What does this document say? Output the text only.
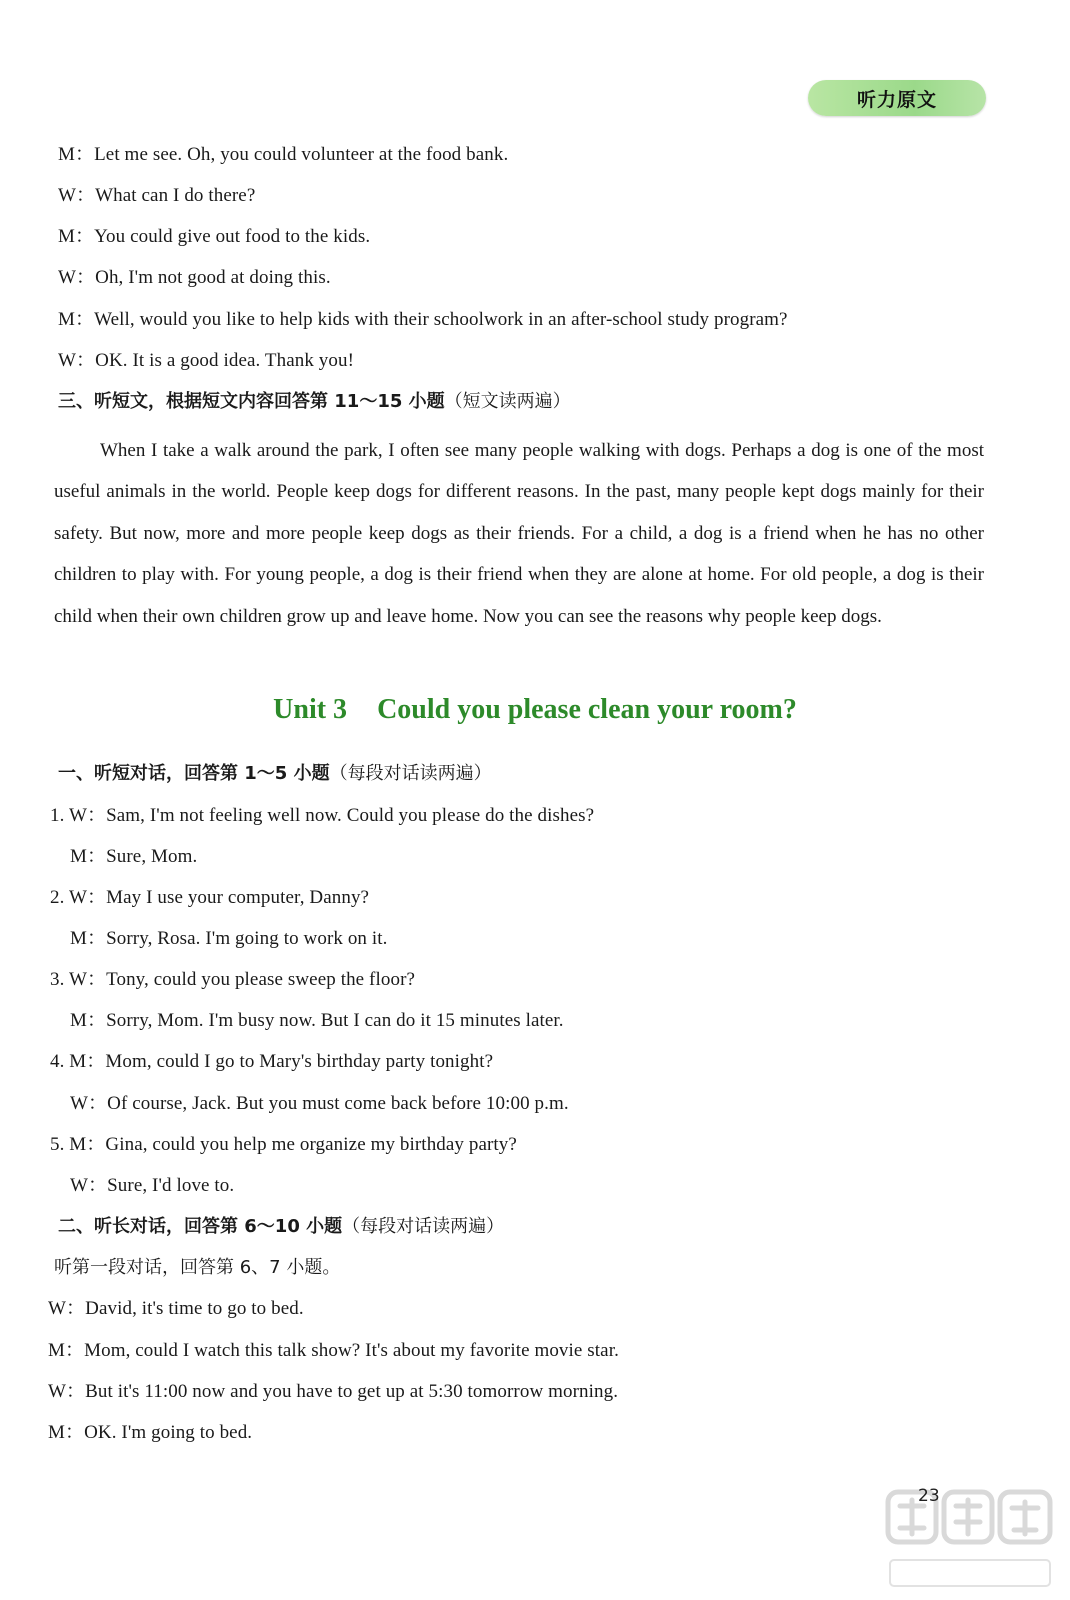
听力原文
M：Let me see. Oh, you could volunteer at the food bank.
W：What can I do there?
M：You could give out food to the kids.
W：Oh, I'm not good at doing this.
M：Well, would you like to help kids with their schoolwork in an after-school study program?
W：OK. It is a good idea. Thank you!
三、听短文，根据短文内容回答第 11～15 小题（短文读两遍）
When I take a walk around the park, I often see many people walking with dogs. Perhaps a dog is one of the most useful animals in the world. People keep dogs for different reasons. In the past, many people kept dogs mainly for their safety. But now, more and more people keep dogs as their friends. For a child, a dog is a friend when he has no other children to play with. For young people, a dog is their friend when they are alone at home. For old people, a dog is their child when their own children grow up and leave home. Now you can see the reasons why people keep dogs.
Unit 3 Could you please clean your room?
一、听短对话，回答第 1～5 小题（每段对话读两遍）
1. W：Sam, I'm not feeling well now. Could you please do the dishes?
M：Sure, Mom.
2. W：May I use your computer, Danny?
M：Sorry, Rosa. I'm going to work on it.
3. W：Tony, could you please sweep the floor?
M：Sorry, Mom. I'm busy now. But I can do it 15 minutes later.
4. M：Mom, could I go to Mary's birthday party tonight?
W：Of course, Jack. But you must come back before 10:00 p.m.
5. M：Gina, could you help me organize my birthday party?
W：Sure, I'd love to.
二、听长对话，回答第 6～10 小题（每段对话读两遍）
听第一段对话，回答第 6、7 小题。
W：David, it's time to go to bed.
M：Mom, could I watch this talk show? It's about my favorite movie star.
W：But it's 11:00 now and you have to get up at 5:30 tomorrow morning.
M：OK. I'm going to bed.
23
